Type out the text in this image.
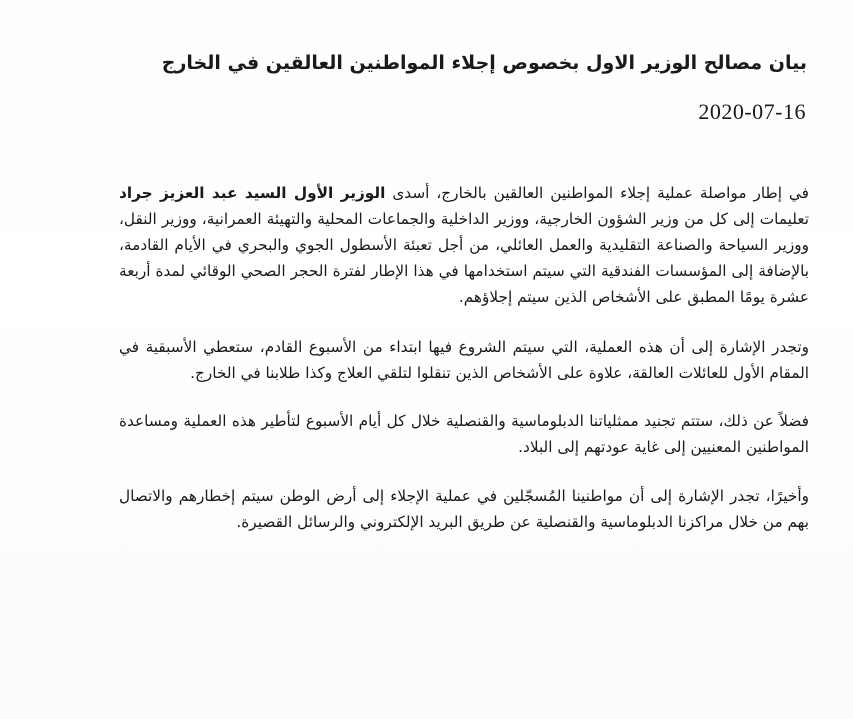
بيان مصالح الوزير الاول بخصوص إجلاء المواطنين العالقين في الخارج
2020-07-16

في إطار مواصلة عملية إجلاء المواطنين العالقين بالخارج، أسدى الوزير الأول السيد عبد العزيز جراد تعليمات إلى كل من وزير الشؤون الخارجية، ووزير الداخلية والجماعات المحلية والتهيئة العمرانية، ووزير النقل، ووزير السياحة والصناعة التقليدية والعمل العائلي، من أجل تعبئة الأسطول الجوي والبحري في الأيام القادمة، بالإضافة إلى المؤسسات الفندقية التي سيتم استخدامها في هذا الإطار لفترة الحجر الصحي الوقائي لمدة أربعة عشرة يومًا المطبق على الأشخاص الذين سيتم إجلاؤهم.

وتجدر الإشارة إلى أن هذه العملية، التي سيتم الشروع فيها ابتداء من الأسبوع القادم، ستعطي الأسبقية في المقام الأول للعائلات العالقة، علاوة على الأشخاص الذين تنقلوا لتلقي العلاج وكذا طلابنا في الخارج.

فضلاً عن ذلك، ستتم تجنيد ممثلياتنا الدبلوماسية والقنصلية خلال كل أيام الأسبوع لتأطير هذه العملية ومساعدة المواطنين المعنيين إلى غاية عودتهم إلى البلاد.

وأخيرًا، تجدر الإشارة إلى أن مواطنينا المُسجّلين في عملية الإجلاء إلى أرض الوطن سيتم إخطارهم والاتصال بهم من خلال مراكزنا الدبلوماسية والقنصلية عن طريق البريد الإلكتروني والرسائل القصيرة.
